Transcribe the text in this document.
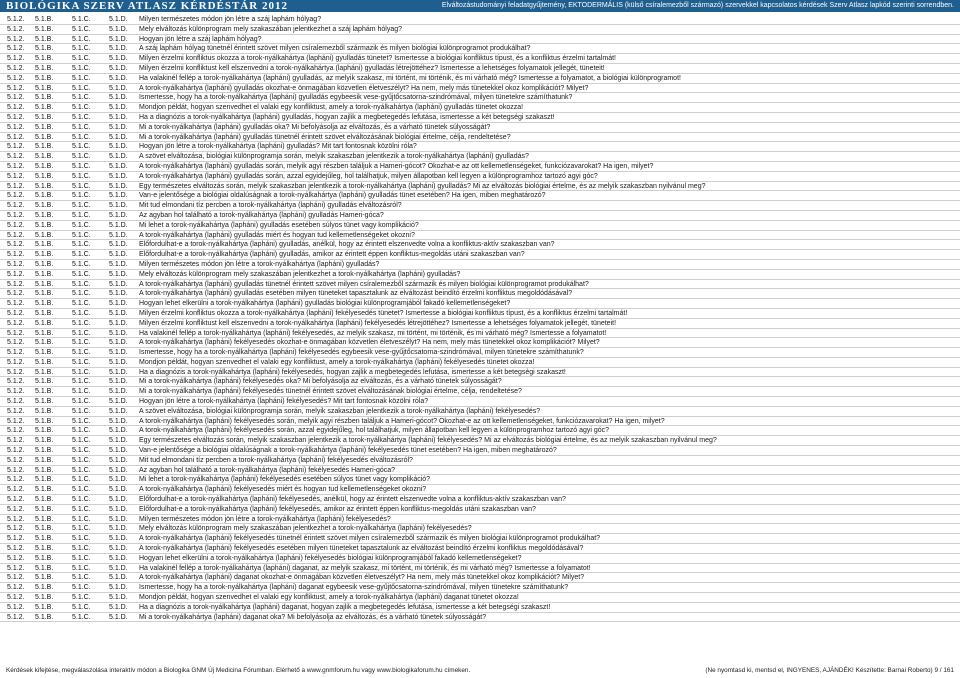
BIOLÓGIKA SZERV ATLASZ KÉRDÉSTÁR 2012	Elváltozástudományi feladatgyűjtemény, EKTODERMÁLIS (külső csíralemezből származó) szervekkel kapcsolatos kérdések Szerv Atlasz lapkód szerinti sorrendben.
5.1.2.	5.1.B.	5.1.C.	5.1.D.	Milyen természetes módon jön létre a száj laphám hólyag?
5.1.2.	5.1.B.	5.1.C.	5.1.D.	Mely elváltozás különprogram mely szakaszában jelentkezhet a száj laphám hólyag?
5.1.2.	5.1.B.	5.1.C.	5.1.D.	Hogyan jön létre a száj laphám hólyag?
5.1.2.	5.1.B.	5.1.C.	5.1.D.	A száj laphám hólyag tünetnél érintett szövet milyen csíralemezből származik és milyen biológiai különprogramot produkálhat?
5.1.2.	5.1.B.	5.1.C.	5.1.D.	Milyen érzelmi konfliktus okozza a torok-nyálkahártya (lapháni) gyulladás tünetet? Ismertesse a biológiai konfliktus típust, és a konfliktus érzelmi tartalmát!
5.1.2.	5.1.B.	5.1.C.	5.1.D.	Milyen érzelmi konfliktust kell elszenvedni a torok-nyálkahártya (lapháni) gyulladás létrejöttéhez? Ismertesse a lehetséges folyamatok jellegét, tüneteit!
5.1.2.	5.1.B.	5.1.C.	5.1.D.	Ha valakinél fellép a torok-nyálkahártya (lapháni) gyulladás, az melyik szakasz, mi történt, mi történik, és mi várható még? Ismertesse a folyamatot, a biológiai különprogramot!
5.1.2.	5.1.B.	5.1.C.	5.1.D.	A torok-nyálkahártya (lapháni) gyulladás okozhat-e önmagában közvetlen életveszélyt? Ha nem, mely más tünetekkel okoz komplikációt? Milyet?
5.1.2.	5.1.B.	5.1.C.	5.1.D.	Ismertesse, hogy ha a torok-nyálkahártya (lapháni) gyulladás egybeesik vese-gyűjtőcsatorna-szindrómával, milyen tünetekre számíthatunk?
5.1.2.	5.1.B.	5.1.C.	5.1.D.	Mondjon példát, hogyan szenvedhet el valaki egy konfliktust, amely a torok-nyálkahártya (lapháni) gyulladás tünetet okozza!
5.1.2.	5.1.B.	5.1.C.	5.1.D.	Ha a diagnózis a torok-nyálkahártya (lapháni) gyulladás, hogyan zajlik a megbetegedés lefutása, ismertesse a két betegségi szakaszt!
5.1.2.	5.1.B.	5.1.C.	5.1.D.	Mi a torok-nyálkahártya (lapháni) gyulladás oka? Mi befolyásolja az elváltozás, és a várható tünetek súlyosságát?
5.1.2.	5.1.B.	5.1.C.	5.1.D.	Mi a torok-nyálkahártya (lapháni) gyulladás tünetnél érintett szövet elváltozásának biológiai értelme, célja, rendeltetése?
5.1.2.	5.1.B.	5.1.C.	5.1.D.	Hogyan jön létre a torok-nyálkahártya (lapháni) gyulladás? Mit tart fontosnak közölni róla?
5.1.2.	5.1.B.	5.1.C.	5.1.D.	A szövet elváltozása, biológiai különprogramja során, melyik szakaszban jelentkezik a torok-nyálkahártya (lapháni) gyulladás?
5.1.2.	5.1.B.	5.1.C.	5.1.D.	A torok-nyálkahártya (lapháni) gyulladás során, melyik agyi részben találjuk a Hameri-gócot? Okozhat-e az ott kellemetlenségeket, funkciózavarokat? Ha igen, milyet?
5.1.2.	5.1.B.	5.1.C.	5.1.D.	A torok-nyálkahártya (lapháni) gyulladás során, azzal egyidejűleg, hol találhatjuk, milyen állapotban kell legyen a különprogramhoz tartozó agyi góc?
5.1.2.	5.1.B.	5.1.C.	5.1.D.	Egy természetes elváltozás során, melyik szakaszban jelentkezik a torok-nyálkahártya (lapháni) gyulladás? Mi az elváltozás biológiai értelme, és az melyik szakaszban nyilvánul meg?
5.1.2.	5.1.B.	5.1.C.	5.1.D.	Van-e jelentősége a biológiai oldalúságnak a torok-nyálkahártya (lapháni) gyulladás tünet esetében? Ha igen, miben meghatározó?
5.1.2.	5.1.B.	5.1.C.	5.1.D.	Mit tud elmondani tíz percben a torok-nyálkahártya (lapháni) gyulladás elváltozásról?
5.1.2.	5.1.B.	5.1.C.	5.1.D.	Az agyban hol található a torok-nyálkahártya (lapháni) gyulladás Hameri-góca?
5.1.2.	5.1.B.	5.1.C.	5.1.D.	Mi lehet a torok-nyálkahártya (lapháni) gyulladás esetében súlyos tünet vagy komplikáció?
5.1.2.	5.1.B.	5.1.C.	5.1.D.	A torok-nyálkahártya (lapháni) gyulladás miért és hogyan tud kellemetlenségeket okozni?
5.1.2.	5.1.B.	5.1.C.	5.1.D.	Előfordulhat-e a torok-nyálkahártya (lapháni) gyulladás, anélkül, hogy az érintett elszenvedte volna a konfliktus-aktív szakaszban van?
5.1.2.	5.1.B.	5.1.C.	5.1.D.	Előfordulhat-e a torok-nyálkahártya (lapháni) gyulladás, amikor az érintett éppen konfliktus-megoldás utáni szakaszban van?
5.1.2.	5.1.B.	5.1.C.	5.1.D.	Milyen természetes módon jön létre a torok-nyálkahártya (lapháni) gyulladás?
5.1.2.	5.1.B.	5.1.C.	5.1.D.	Mely elváltozás különprogram mely szakaszában jelentkezhet a torok-nyálkahártya (lapháni) gyulladás?
5.1.2.	5.1.B.	5.1.C.	5.1.D.	A torok-nyálkahártya (lapháni) gyulladás tünetnél érintett szövet milyen csíralemezből származik és milyen biológiai különprogramot produkálhat?
5.1.2.	5.1.B.	5.1.C.	5.1.D.	A torok-nyálkahártya (lapháni) gyulladás esetében milyen tüneteket tapasztalunk az elváltozást beindító érzelmi konfliktus megoldódásával?
5.1.2.	5.1.B.	5.1.C.	5.1.D.	Hogyan lehet elkerülni a torok-nyálkahártya (lapháni) gyulladás biológiai különprogramjából fakadó kellemetlenségeket?
5.1.2.	5.1.B.	5.1.C.	5.1.D.	Milyen érzelmi konfliktus okozza a torok-nyálkahártya (lapháni) fekélyesedés tünetet? Ismertesse a biológiai konfliktus típust, és a konfliktus érzelmi tartalmát!
5.1.2.	5.1.B.	5.1.C.	5.1.D.	Milyen érzelmi konfliktust kell elszenvedni a torok-nyálkahártya (lapháni) fekélyesedés létrejöttéhez? Ismertesse a lehetséges folyamatok jellegét, tüneteit!
5.1.2.	5.1.B.	5.1.C.	5.1.D.	Ha valakinél fellép a torok-nyálkahártya (lapháni) fekélyesedés, az melyik szakasz, mi történt, mi történik, és mi várható még? Ismertesse a folyamatot!
5.1.2.	5.1.B.	5.1.C.	5.1.D.	A torok-nyálkahártya (lapháni) fekélyesedés okozhat-e önmagában közvetlen életveszélyt? Ha nem, mely más tünetekkel okoz komplikációt? Milyet?
5.1.2.	5.1.B.	5.1.C.	5.1.D.	Ismertesse, hogy ha a torok-nyálkahártya (lapháni) fekélyesedés egybeesik vese-gyűjtőcsatorna-szindrómával, milyen tünetekre számíthatunk?
5.1.2.	5.1.B.	5.1.C.	5.1.D.	Mondjon példát, hogyan szenvedhet el valaki egy konfliktust, amely a torok-nyálkahártya (lapháni) fekélyesedés tünetet okozza!
5.1.2.	5.1.B.	5.1.C.	5.1.D.	Ha a diagnózis a torok-nyálkahártya (lapháni) fekélyesedés, hogyan zajlik a megbetegedés lefutása, ismertesse a két betegségi szakaszt!
5.1.2.	5.1.B.	5.1.C.	5.1.D.	Mi a torok-nyálkahártya (lapháni) fekélyesedés oka? Mi befolyásolja az elváltozás, és a várható tünetek súlyosságát?
5.1.2.	5.1.B.	5.1.C.	5.1.D.	Mi a torok-nyálkahártya (lapháni) fekélyesedés tünetnél érintett szövet elváltozásának biológiai értelme, célja, rendeltetése?
5.1.2.	5.1.B.	5.1.C.	5.1.D.	Hogyan jön létre a torok-nyálkahártya (lapháni) fekélyesedés? Mit tart fontosnak közölni róla?
5.1.2.	5.1.B.	5.1.C.	5.1.D.	A szövet elváltozása, biológiai különprogramja során, melyik szakaszban jelentkezik a torok-nyálkahártya (lapháni) fekélyesedés?
5.1.2.	5.1.B.	5.1.C.	5.1.D.	A torok-nyálkahártya (lapháni) fekélyesedés során, melyik agyi részben találjuk a Hameri-gócot? Okozhat-e az ott kellemetlenségeket, funkciózavarokat? Ha igen, milyet?
5.1.2.	5.1.B.	5.1.C.	5.1.D.	A torok-nyálkahártya (lapháni) fekélyesedés során, azzal egyidejűleg, hol találhatjuk, milyen állapotban kell legyen a különprogramhoz tartozó agyi góc?
5.1.2.	5.1.B.	5.1.C.	5.1.D.	Egy természetes elváltozás során, melyik szakaszban jelentkezik a torok-nyálkahártya (lapháni) fekélyesedés? Mi az elváltozás biológiai értelme, és az melyik szakaszban nyilvánul meg?
5.1.2.	5.1.B.	5.1.C.	5.1.D.	Van-e jelentősége a biológiai oldalúságnak a torok-nyálkahártya (lapháni) fekélyesedés tünet esetében? Ha igen, miben meghatározó?
5.1.2.	5.1.B.	5.1.C.	5.1.D.	Mit tud elmondani tíz percben a torok-nyálkahártya (lapháni) fekélyesedés elváltozásról?
5.1.2.	5.1.B.	5.1.C.	5.1.D.	Az agyban hol található a torok-nyálkahártya (lapháni) fekélyesedés Hameri-góca?
5.1.2.	5.1.B.	5.1.C.	5.1.D.	Mi lehet a torok-nyálkahártya (lapháni) fekélyesedés esetében súlyos tünet vagy komplikáció?
5.1.2.	5.1.B.	5.1.C.	5.1.D.	A torok-nyálkahártya (lapháni) fekélyesedés miért és hogyan tud kellemetlenségeket okozni?
5.1.2.	5.1.B.	5.1.C.	5.1.D.	Előfordulhat-e a torok-nyálkahártya (lapháni) fekélyesedés, anélkül, hogy az érintett elszenvedte volna a konfliktus-aktív szakaszban van?
5.1.2.	5.1.B.	5.1.C.	5.1.D.	Előfordulhat-e a torok-nyálkahártya (lapháni) fekélyesedés, amikor az érintett éppen konfliktus-megoldás utáni szakaszban van?
5.1.2.	5.1.B.	5.1.C.	5.1.D.	Milyen természetes módon jön létre a torok-nyálkahártya (lapháni) fekélyesedés?
5.1.2.	5.1.B.	5.1.C.	5.1.D.	Mely elváltozás különprogram mely szakaszában jelentkezhet a torok-nyálkahártya (lapháni) fekélyesedés?
5.1.2.	5.1.B.	5.1.C.	5.1.D.	A torok-nyálkahártya (lapháni) fekélyesedés tünetnél érintett szövet milyen csíralemezből származik és milyen biológiai különprogramot produkálhat?
5.1.2.	5.1.B.	5.1.C.	5.1.D.	A torok-nyálkahártya (lapháni) fekélyesedés esetében milyen tüneteket tapasztalunk az elváltozást beindító érzelmi konfliktus megoldódásával?
5.1.2.	5.1.B.	5.1.C.	5.1.D.	Hogyan lehet elkerülni a torok-nyálkahártya (lapháni) fekélyesedés biológiai különprogramjából fakadó kellemetlenségeket?
5.1.2.	5.1.B.	5.1.C.	5.1.D.	Ha valakinél fellép a torok-nyálkahártya (lapháni) daganat, az melyik szakasz, mi történt, mi történik, és mi várható még? Ismertesse a folyamatot!
5.1.2.	5.1.B.	5.1.C.	5.1.D.	A torok-nyálkahártya (lapháni) daganat okozhat-e önmagában közvetlen életveszélyt? Ha nem, mely más tünetekkel okoz komplikációt? Milyet?
5.1.2.	5.1.B.	5.1.C.	5.1.D.	Ismertesse, hogy ha a torok-nyálkahártya (lapháni) daganat egybeesik vese-gyűjtőcsatorna-szindrómával, milyen tünetekre számíthatunk?
5.1.2.	5.1.B.	5.1.C.	5.1.D.	Mondjon példát, hogyan szenvedhet el valaki egy konfliktust, amely a torok-nyálkahártya (lapháni) daganat tünetet okozza!
5.1.2.	5.1.B.	5.1.C.	5.1.D.	Ha a diagnózis a torok-nyálkahártya (lapháni) daganat, hogyan zajlik a megbetegedés lefutása, ismertesse a két betegségi szakaszt!
5.1.2.	5.1.B.	5.1.C.	5.1.D.	Mi a torok-nyálkahártya (lapháni) daganat oka? Mi befolyásolja az elváltozás, és a várható tünetek súlyosságát?
Kérdések kifejtése, megválaszolása interaktív módon a Biologika GNM Új Medicina Fórumban. Elérhető a www.gnmforum.hu vagy www.biologikaforum.hu címeken.	(Ne nyomtasd ki, mentsd el, INGYENES, AJÁNDÉK! Készítette: Barnai Roberto) 9 / 161
